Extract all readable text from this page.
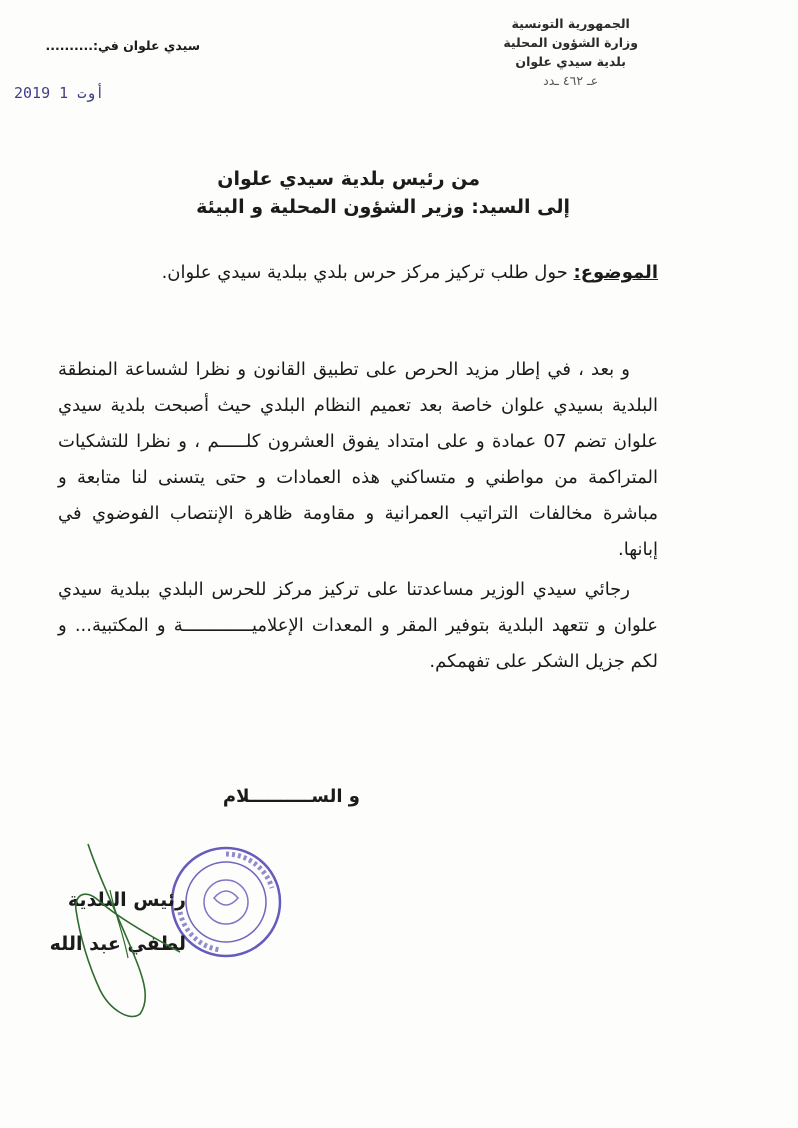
الجمهورية التونسية
وزارة الشؤون المحلية
بلدية سيدي علوان
عـ ٤٦٢ ـدد
سيدي علوان في:..........
2019 أوت 1
من رئيس بلدية سيدي علوان
إلى السيد: وزير الشؤون المحلية و البيئة
الموضوع: حول طلب تركيز مركز حرس بلدي ببلدية سيدي علوان.

و بعد ، في إطار مزيد الحرص على تطبيق القانون و نظرا لشساعة المنطقة البلدية بسيدي علوان خاصة بعد تعميم النظام البلدي حيث أصبحت بلدية سيدي علوان تضم 07 عمادة و على امتداد يفوق العشرون كلـــــم ، و نظرا للتشكيات المتراكمة من مواطني و متساكني هذه العمادات و حتى يتسنى لنا متابعة و مباشرة مخالفات التراتيب العمرانية و مقاومة ظاهرة الإنتصاب الفوضوي في إبانها.

رجائي سيدي الوزير مساعدتنا على تركيز مركز للحرس البلدي ببلدية سيدي علوان و تتعهد البلدية بتوفير المقر و المعدات الإعلاميـــــــــــــة و المكتبية... و لكم جزيل الشكر على تفهمكم.

و الســــــــــلام
رئيس البلدية
لطفي عبد الله
